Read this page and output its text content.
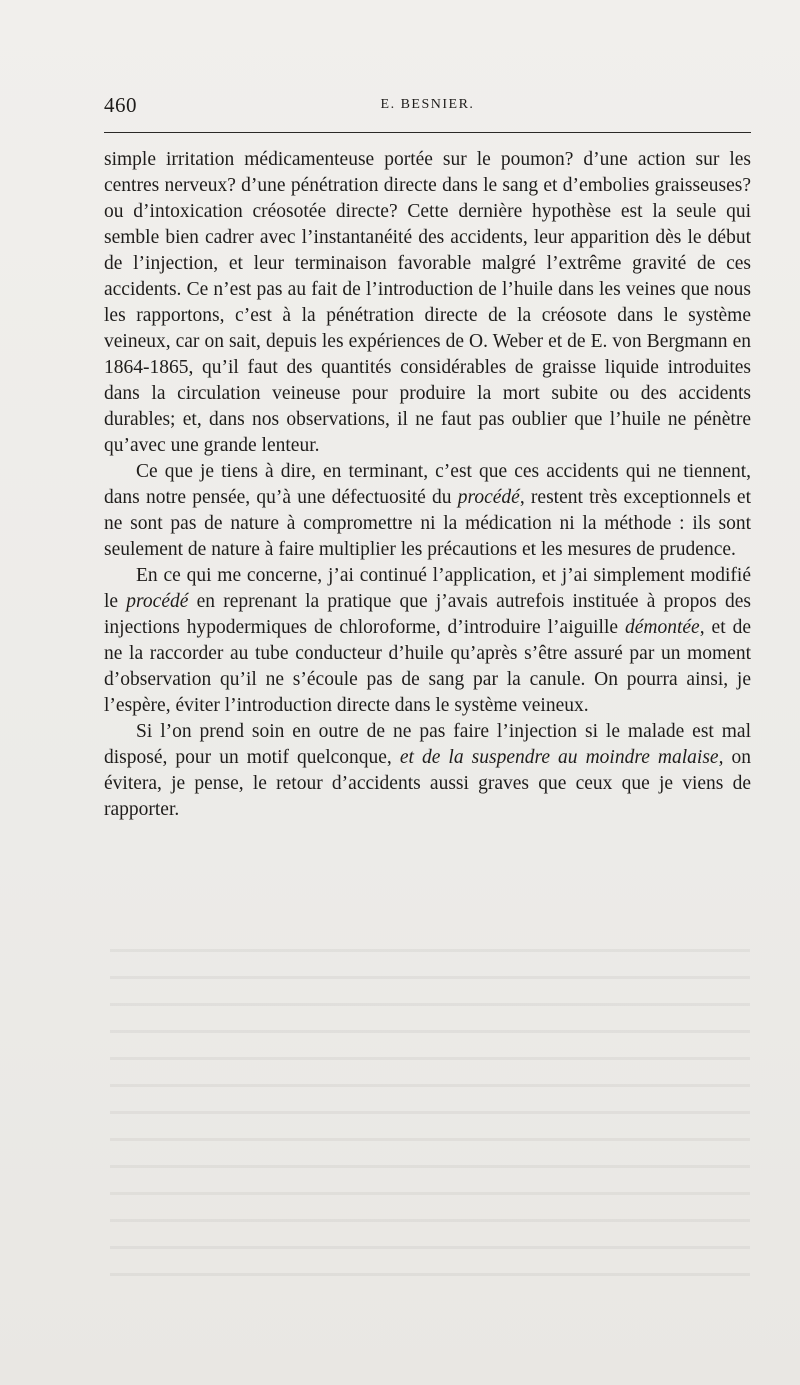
460	E. BESNIER.

simple irritation médicamenteuse portée sur le poumon? d’une action sur les centres nerveux? d’une pénétration directe dans le sang et d’embolies graisseuses? ou d’intoxication créosotée directe? Cette dernière hypothèse est la seule qui semble bien cadrer avec l’instantanéité des accidents, leur apparition dès le début de l’injection, et leur terminaison favorable malgré l’extrême gravité de ces accidents. Ce n’est pas au fait de l’introduction de l’huile dans les veines que nous les rapportons, c’est à la pénétration directe de la créosote dans le système veineux, car on sait, depuis les expériences de O. Weber et de E. von Bergmann en 1864-1865, qu’il faut des quantités considérables de graisse liquide introduites dans la circulation veineuse pour produire la mort subite ou des accidents durables; et, dans nos observations, il ne faut pas oublier que l’huile ne pénètre qu’avec une grande lenteur.

Ce que je tiens à dire, en terminant, c’est que ces accidents qui ne tiennent, dans notre pensée, qu’à une défectuosité du procédé, restent très exceptionnels et ne sont pas de nature à compromettre ni la médication ni la méthode : ils sont seulement de nature à faire multiplier les précautions et les mesures de prudence.

En ce qui me concerne, j’ai continué l’application, et j’ai simplement modifié le procédé en reprenant la pratique que j’avais autrefois instituée à propos des injections hypodermiques de chloroforme, d’introduire l’aiguille démontée, et de ne la raccorder au tube conducteur d’huile qu’après s’être assuré par un moment d’observation qu’il ne s’écoule pas de sang par la canule. On pourra ainsi, je l’espère, éviter l’introduction directe dans le système veineux.

Si l’on prend soin en outre de ne pas faire l’injection si le malade est mal disposé, pour un motif quelconque, et de la suspendre au moindre malaise, on évitera, je pense, le retour d’accidents aussi graves que ceux que je viens de rapporter.
